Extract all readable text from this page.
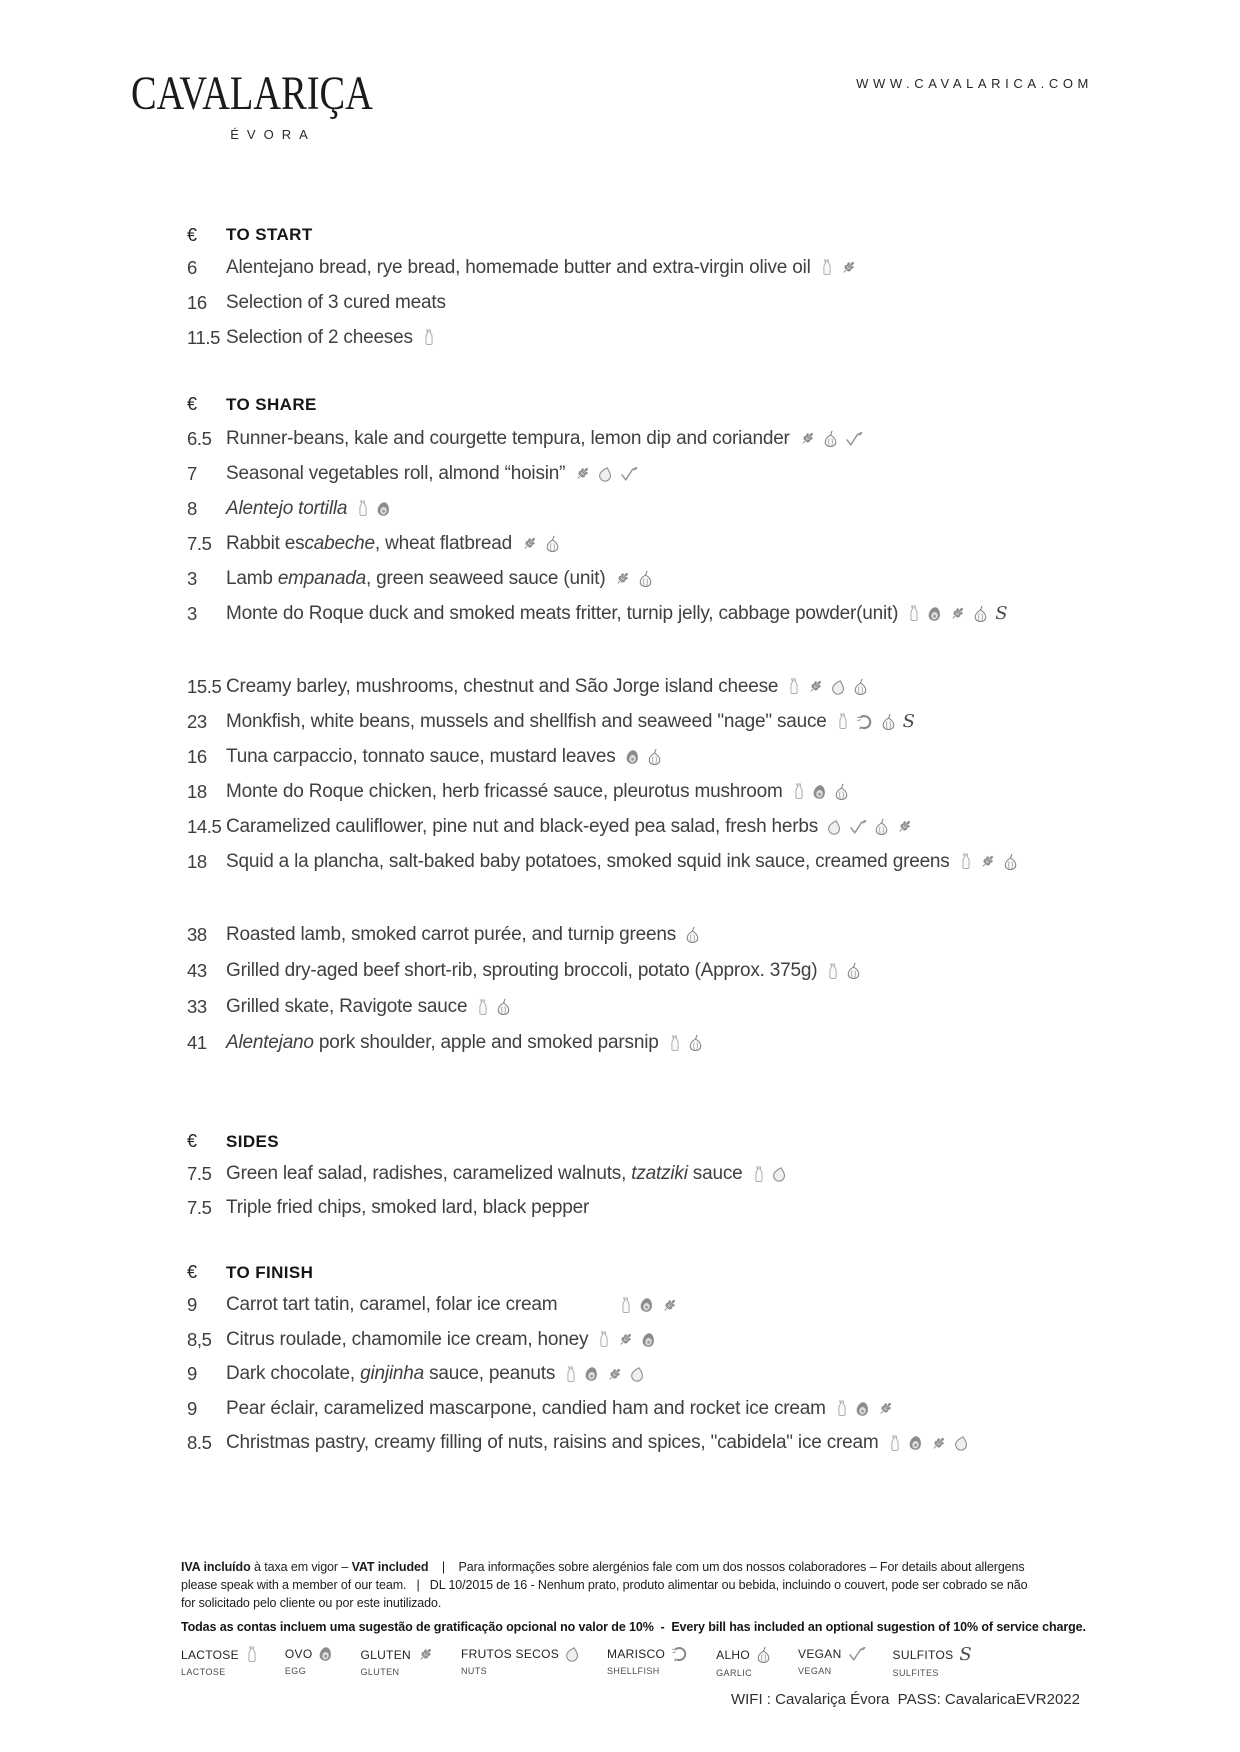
CAVALARIÇA
ÉVORA
WWW.CAVALARICA.COM
€	TO START
6	Alentejano bread, rye bread, homemade butter and extra-virgin olive oil
16	Selection of 3 cured meats
11.5 Selection of 2 cheeses
€	TO SHARE
6.5 Runner-beans, kale and courgette tempura, lemon dip and coriander
7	Seasonal vegetables roll, almond “hoisin”
8	Alentejo tortilla
7.5 Rabbit escabeche, wheat flatbread
3	Lamb empanada, green seaweed sauce (unit)
3	Monte do Roque duck and smoked meats fritter, turnip jelly, cabbage powder(unit)	S
15.5 Creamy barley, mushrooms, chestnut and São Jorge island cheese
23	Monkfish, white beans, mussels and shellfish and seaweed "nage" sauce	S
16	Tuna carpaccio, tonnato sauce, mustard leaves
18	Monte do Roque chicken, herb fricassé sauce, pleurotus mushroom
14.5 Caramelized cauliflower, pine nut and black-eyed pea salad, fresh herbs
18	Squid a la plancha, salt-baked baby potatoes, smoked squid ink sauce, creamed greens
38	Roasted lamb, smoked carrot purée, and turnip greens
43	Grilled dry-aged beef short-rib, sprouting broccoli, potato (Approx. 375g)
33	Grilled skate, Ravigote sauce
41	Alentejano pork shoulder, apple and smoked parsnip
€	SIDES
7.5 Green leaf salad, radishes, caramelized walnuts, tzatziki sauce
7.5 Triple fried chips, smoked lard, black pepper
€	TO FINISH
9	Carrot tart tatin, caramel, folar ice cream
8,5 Citrus roulade, chamomile ice cream, honey
9	Dark chocolate, ginjinha sauce, peanuts
9	Pear éclair, caramelized mascarpone, candied ham and rocket ice cream
8.5 Christmas pastry, creamy filling of nuts, raisins and spices, "cabidela" ice cream
IVA incluído à taxa em vigor – VAT included    |    Para informações sobre alergénios fale com um dos nossos colaboradores – For details about allergens
please speak with a member of our team.   |   DL 10/2015 de 16 - Nenhum prato, produto alimentar ou bebida, incluindo o couvert, pode ser cobrado se não
for solicitado pelo cliente ou por este inutilizado.
Todas as contas incluem uma sugestão de gratificação opcional no valor de 10%  -  Every bill has included an optional sugestion of 10% of service charge.
LACTOSE
LACTOSE
OVO
EGG
GLUTEN
GLUTEN
FRUTOS SECOS
NUTS
MARISCO
SHELLFISH
ALHO
GARLIC
VEGAN
VEGAN
SULFITOS S
SULFITES
WIFI : Cavalariça Évora  PASS: CavalaricaEVR2022
